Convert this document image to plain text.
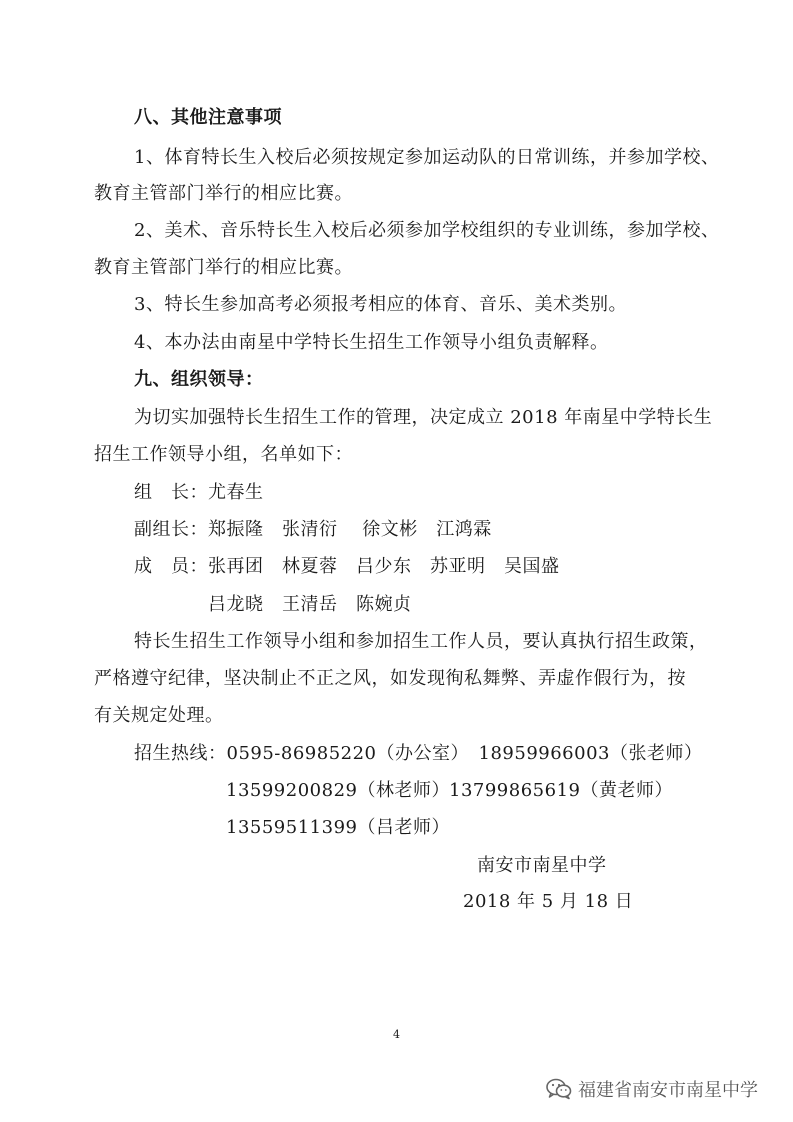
八、其他注意事项
1、体育特长生入校后必须按规定参加运动队的日常训练，并参加学校、
教育主管部门举行的相应比赛。
2、美术、音乐特长生入校后必须参加学校组织的专业训练，参加学校、
教育主管部门举行的相应比赛。
3、特长生参加高考必须报考相应的体育、音乐、美术类别。
4、本办法由南星中学特长生招生工作领导小组负责解释。
九、组织领导：
为切实加强特长生招生工作的管理，决定成立 2018 年南星中学特长生
招生工作领导小组，名单如下：
组　长：尤春生
副组长：郑振隆　张清衍　 徐文彬　江鸿霖
成　员：张再团　林夏蓉　吕少东　苏亚明　吴国盛
吕龙晓　王清岳　陈婉贞
特长生招生工作领导小组和参加招生工作人员，要认真执行招生政策，
严格遵守纪律，坚决制止不正之风，如发现徇私舞弊、弄虚作假行为，按
有关规定处理。
招生热线：0595-86985220（办公室）　18959966003（张老师）
13599200829（林老师） 13799865619（黄老师）
13559511399（吕老师）
南安市南星中学
2018 年 5 月 18 日
4
福建省南安市南星中学
